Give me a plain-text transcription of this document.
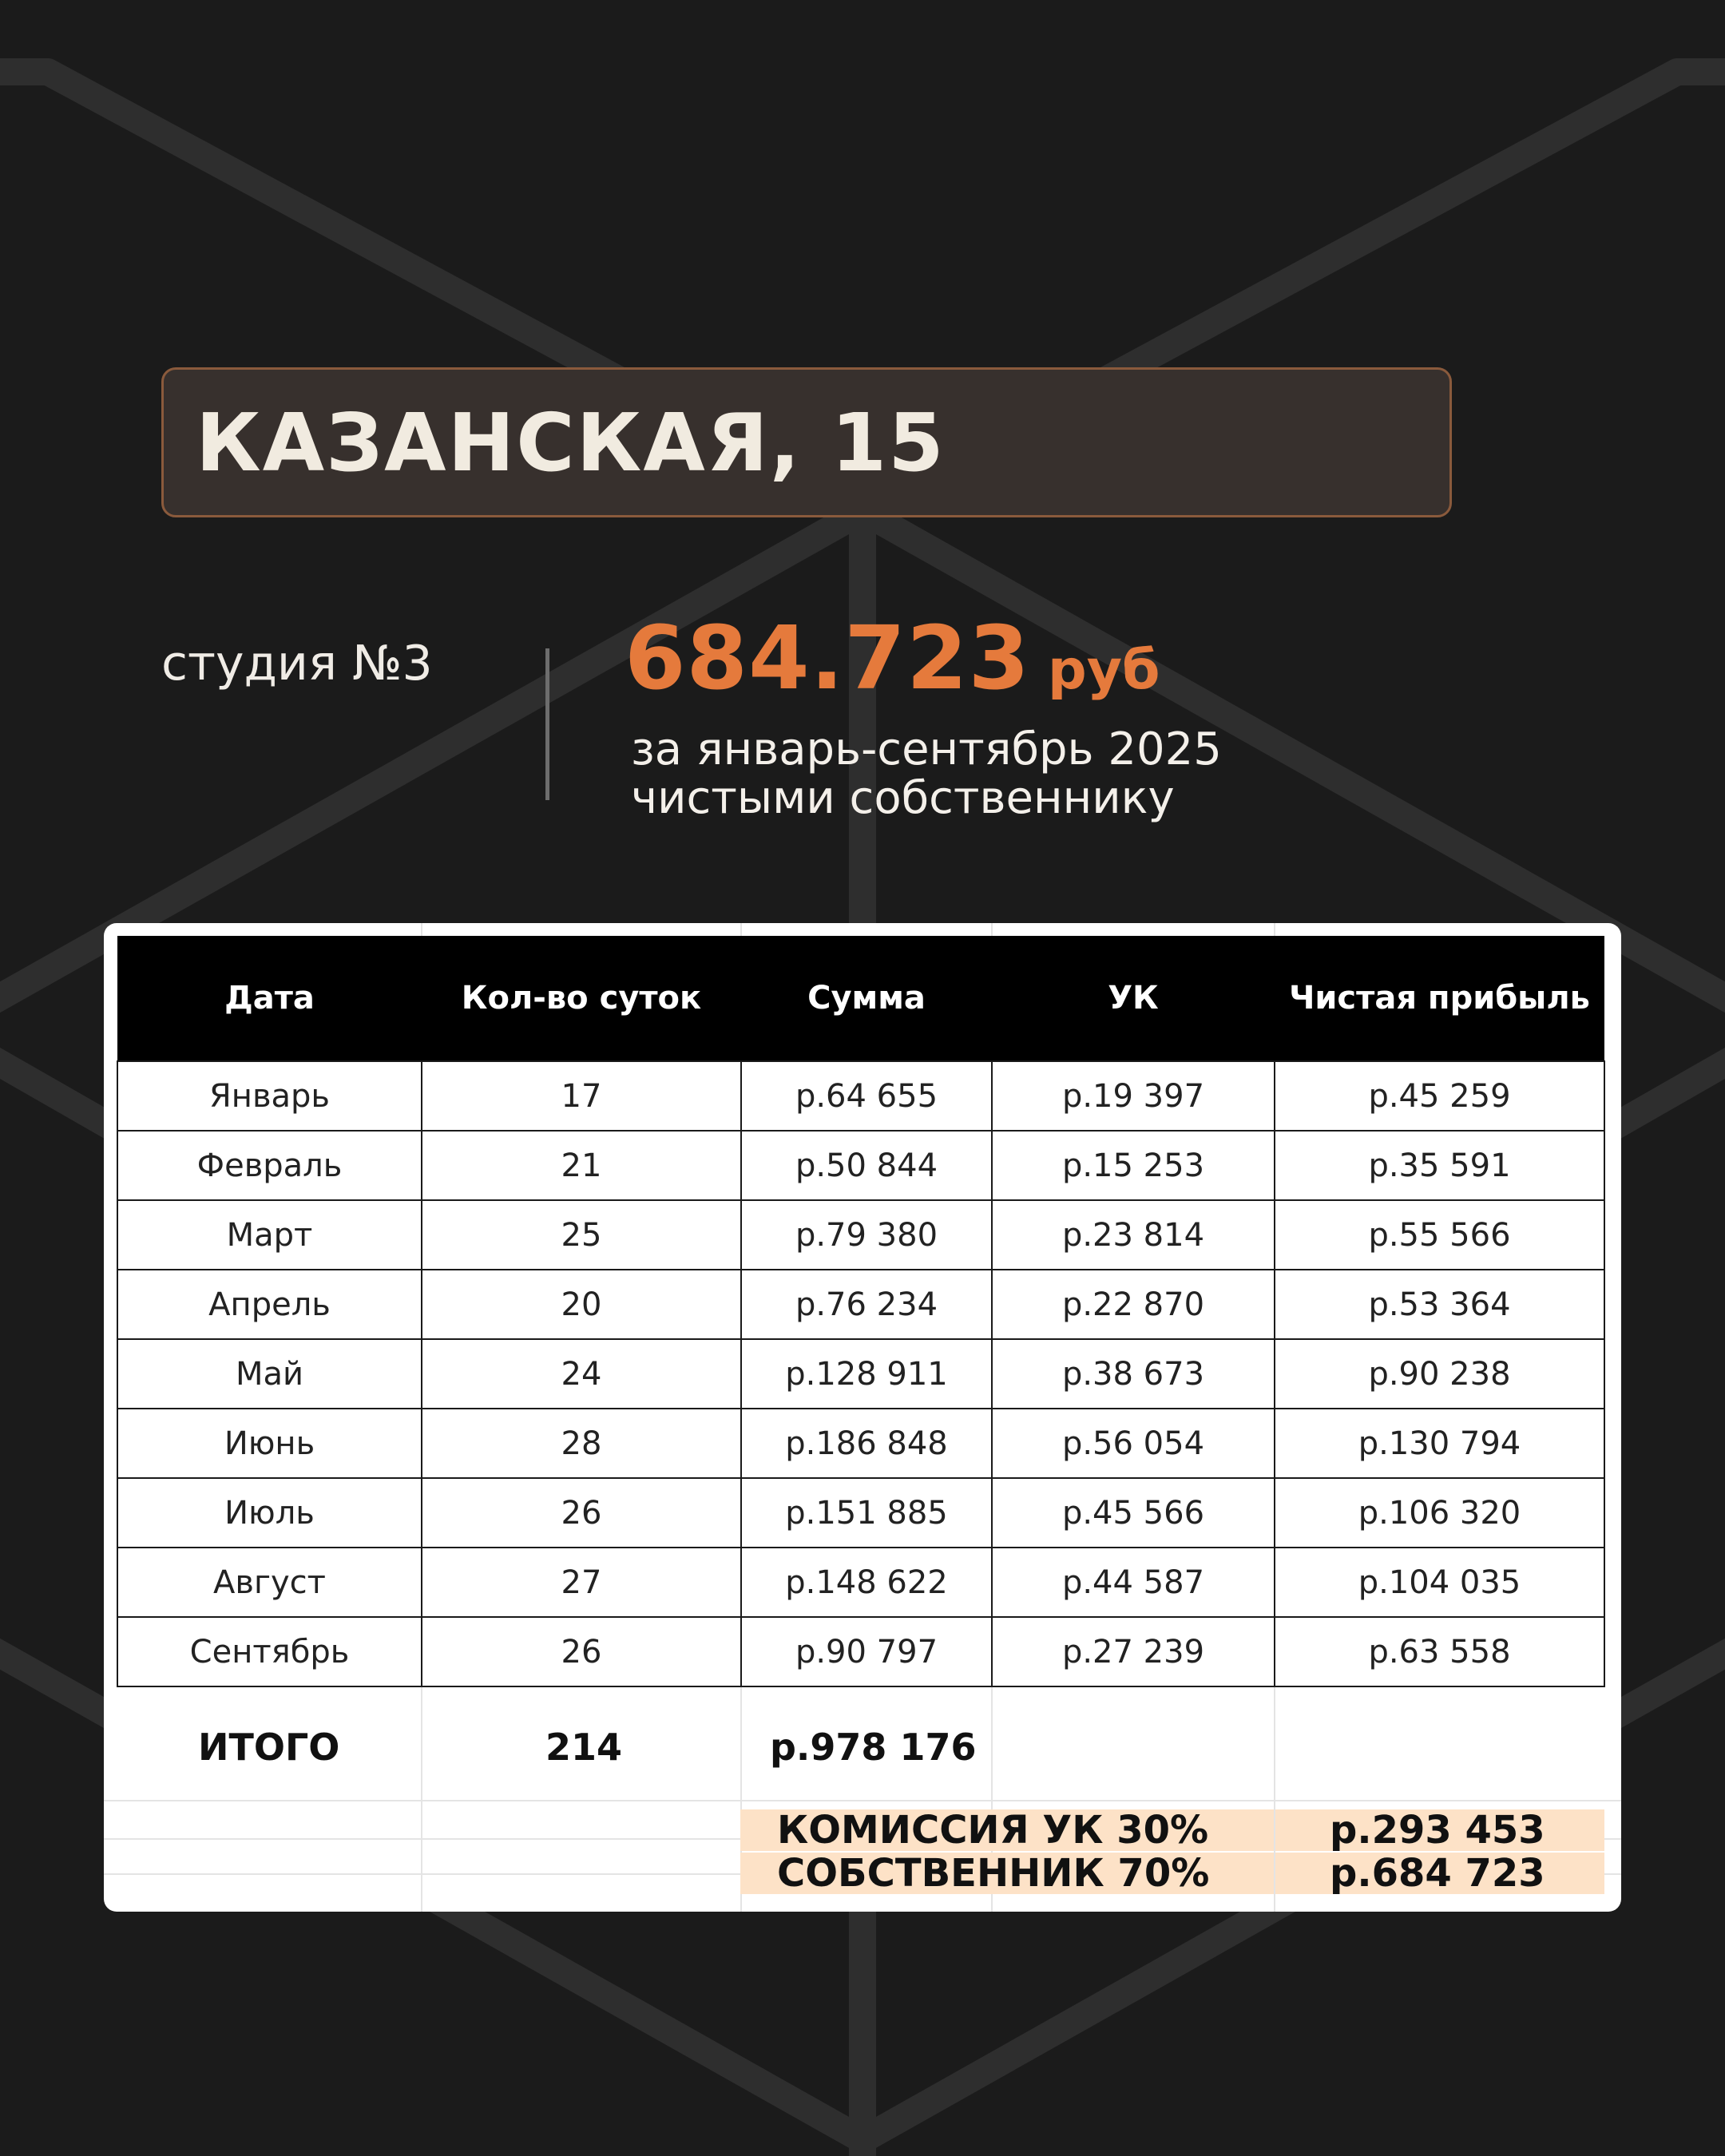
КАЗАНСКАЯ, 15
студия №3 684.723 руб
за январь-сентябрь 2025
чистыми собственнику
Дата	Кол-во суток	Сумма	УК	Чистая прибыль
Январь	17	р.64 655	р.19 397	р.45 259
Февраль	21	р.50 844	р.15 253	р.35 591
Март	25	р.79 380	р.23 814	р.55 566
Апрель	20	р.76 234	р.22 870	р.53 364
Май	24	р.128 911	р.38 673	р.90 238
Июнь	28	р.186 848	р.56 054	р.130 794
Июль	26	р.151 885	р.45 566	р.106 320
Август	27	р.148 622	р.44 587	р.104 035
Сентябрь	26	р.90 797	р.27 239	р.63 558
ИТОГО	214	р.978 176
КОМИССИЯ УК 30%	р.293 453
СОБСТВЕННИК 70%	р.684 723
